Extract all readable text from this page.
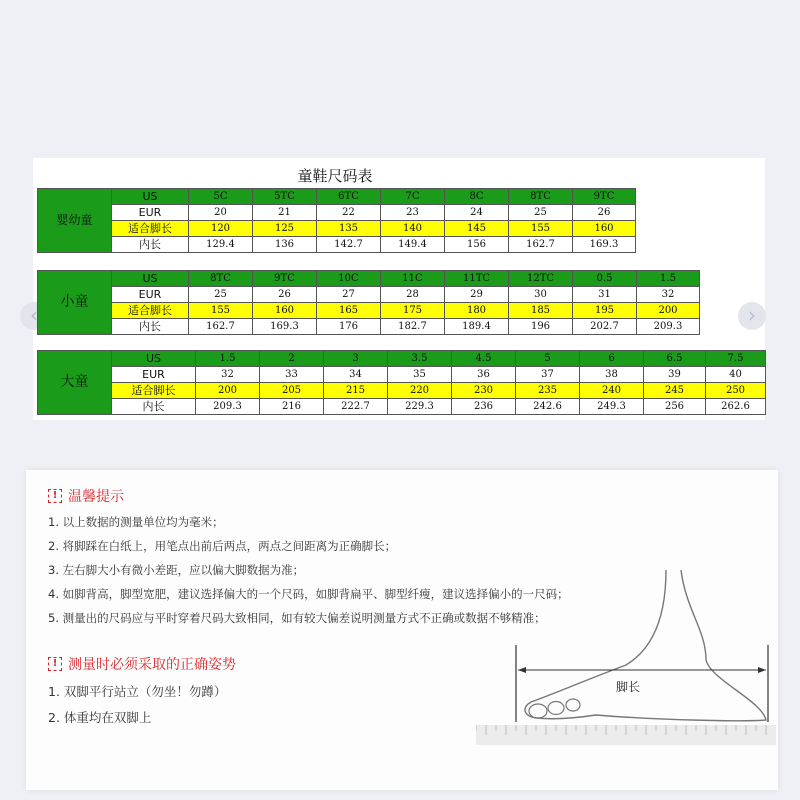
童鞋尺码表
‹	›
婴幼童	US	5C	5TC	6TC	7C	8C	8TC	9TC
	EUR	20	21	22	23	24	25	26
	适合脚长	120	125	135	140	145	155	160
	内长	129.4	136	142.7	149.4	156	162.7	169.3
小童	US	8TC	9TC	10C	11C	11TC	12TC	0.5	1.5
	EUR	25	26	27	28	29	30	31	32
	适合脚长	155	160	165	175	180	185	195	200
	内长	162.7	169.3	176	182.7	189.4	196	202.7	209.3
大童	US	1.5	2	3	3.5	4.5	5	6	6.5	7.5
	EUR	32	33	34	35	36	37	38	39	40
	适合脚长	200	205	215	220	230	235	240	245	250
	内长	209.3	216	222.7	229.3	236	242.6	249.3	256	262.6
! 温馨提示
1. 以上数据的测量单位均为毫米；
2. 将脚踩在白纸上，用笔点出前后两点，两点之间距离为正确脚长；
3. 左右脚大小有微小差距，应以偏大脚数据为准；
4. 如脚背高，脚型宽肥，建议选择偏大的一个尺码，如脚背扁平、脚型纤瘦，建议选择偏小的一尺码；
5. 测量出的尺码应与平时穿着尺码大致相同，如有较大偏差说明测量方式不正确或数据不够精准；
! 测量时必须采取的正确姿势
1. 双脚平行站立（勿坐！勿蹲）
2. 体重均在双脚上
脚长
